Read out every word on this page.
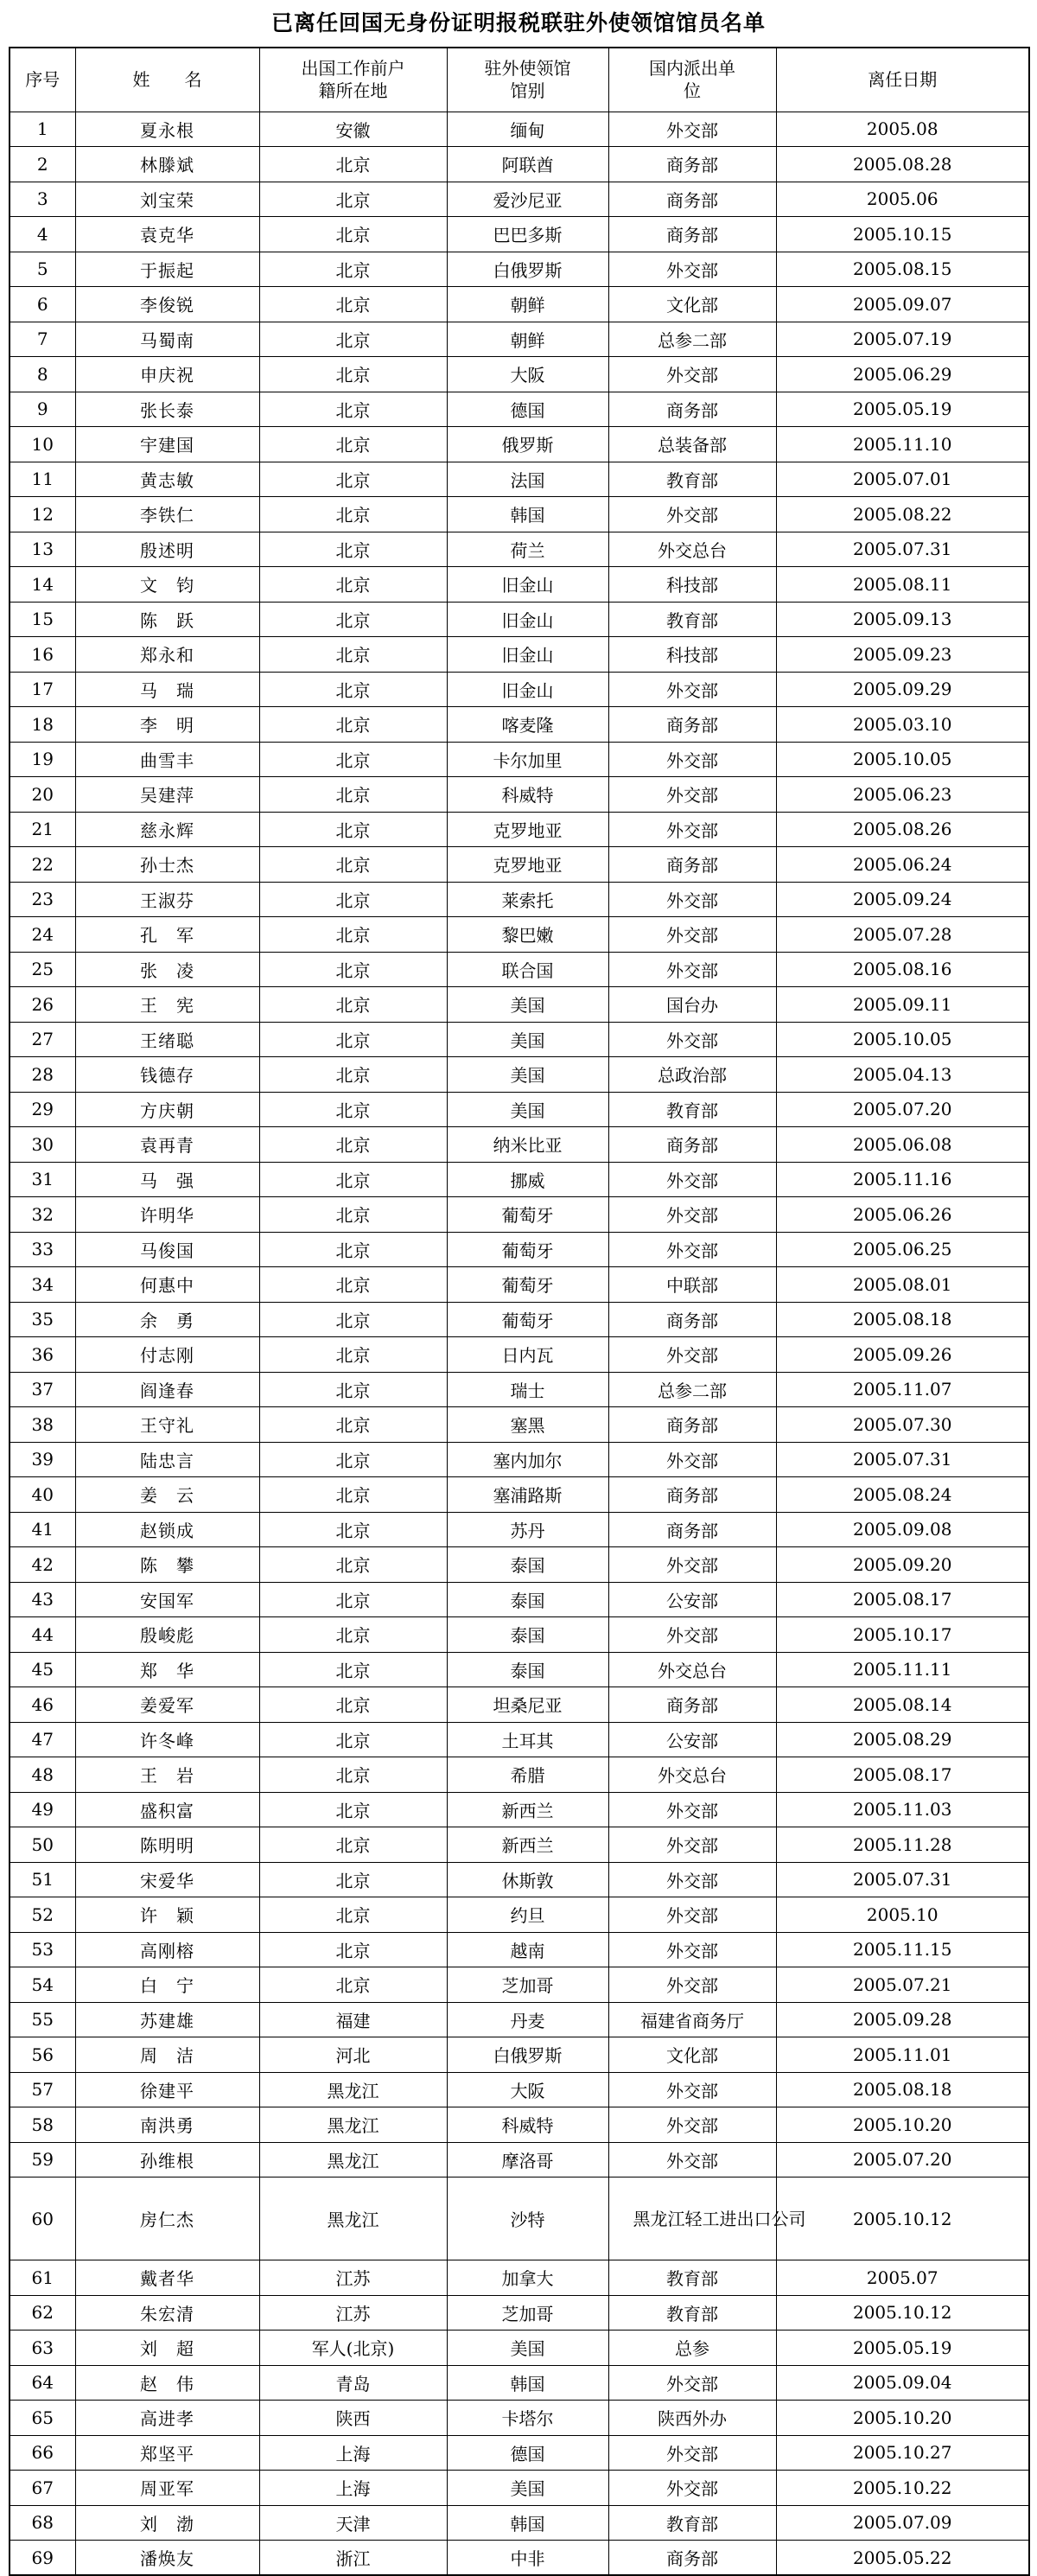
已离任回国无身份证明报税联驻外使领馆馆员名单
序号	姓　　名	出国工作前户籍所在地	驻外使领馆馆别	国内派出单位	离任日期
1	夏永根	安徽	缅甸	外交部	2005.08
2	林滕斌	北京	阿联酋	商务部	2005.08.28
3	刘宝荣	北京	爱沙尼亚	商务部	2005.06
4	袁克华	北京	巴巴多斯	商务部	2005.10.15
5	于振起	北京	白俄罗斯	外交部	2005.08.15
6	李俊锐	北京	朝鲜	文化部	2005.09.07
7	马蜀南	北京	朝鲜	总参二部	2005.07.19
8	申庆祝	北京	大阪	外交部	2005.06.29
9	张长泰	北京	德国	商务部	2005.05.19
10	宇建国	北京	俄罗斯	总装备部	2005.11.10
11	黄志敏	北京	法国	教育部	2005.07.01
12	李铁仁	北京	韩国	外交部	2005.08.22
13	殷述明	北京	荷兰	外交总台	2005.07.31
14	文　钧	北京	旧金山	科技部	2005.08.11
15	陈　跃	北京	旧金山	教育部	2005.09.13
16	郑永和	北京	旧金山	科技部	2005.09.23
17	马　瑞	北京	旧金山	外交部	2005.09.29
18	李　明	北京	喀麦隆	商务部	2005.03.10
19	曲雪丰	北京	卡尔加里	外交部	2005.10.05
20	吴建萍	北京	科威特	外交部	2005.06.23
21	慈永辉	北京	克罗地亚	外交部	2005.08.26
22	孙士杰	北京	克罗地亚	商务部	2005.06.24
23	王淑芬	北京	莱索托	外交部	2005.09.24
24	孔　军	北京	黎巴嫩	外交部	2005.07.28
25	张　凌	北京	联合国	外交部	2005.08.16
26	王　宪	北京	美国	国台办	2005.09.11
27	王绪聪	北京	美国	外交部	2005.10.05
28	钱德存	北京	美国	总政治部	2005.04.13
29	方庆朝	北京	美国	教育部	2005.07.20
30	袁再青	北京	纳米比亚	商务部	2005.06.08
31	马　强	北京	挪威	外交部	2005.11.16
32	许明华	北京	葡萄牙	外交部	2005.06.26
33	马俊国	北京	葡萄牙	外交部	2005.06.25
34	何惠中	北京	葡萄牙	中联部	2005.08.01
35	余　勇	北京	葡萄牙	商务部	2005.08.18
36	付志刚	北京	日内瓦	外交部	2005.09.26
37	阎逢春	北京	瑞士	总参二部	2005.11.07
38	王守礼	北京	塞黑	商务部	2005.07.30
39	陆忠言	北京	塞内加尔	外交部	2005.07.31
40	姜　云	北京	塞浦路斯	商务部	2005.08.24
41	赵锁成	北京	苏丹	商务部	2005.09.08
42	陈　攀	北京	泰国	外交部	2005.09.20
43	安国军	北京	泰国	公安部	2005.08.17
44	殷峻彪	北京	泰国	外交部	2005.10.17
45	郑　华	北京	泰国	外交总台	2005.11.11
46	姜爱军	北京	坦桑尼亚	商务部	2005.08.14
47	许冬峰	北京	土耳其	公安部	2005.08.29
48	王　岩	北京	希腊	外交总台	2005.08.17
49	盛积富	北京	新西兰	外交部	2005.11.03
50	陈明明	北京	新西兰	外交部	2005.11.28
51	宋爱华	北京	休斯敦	外交部	2005.07.31
52	许　颖	北京	约旦	外交部	2005.10
53	高刚榕	北京	越南	外交部	2005.11.15
54	白　宁	北京	芝加哥	外交部	2005.07.21
55	苏建雄	福建	丹麦	福建省商务厅	2005.09.28
56	周　洁	河北	白俄罗斯	文化部	2005.11.01
57	徐建平	黑龙江	大阪	外交部	2005.08.18
58	南洪勇	黑龙江	科威特	外交部	2005.10.20
59	孙维根	黑龙江	摩洛哥	外交部	2005.07.20
60	房仁杰	黑龙江	沙特	黑龙江轻工进出口公司	2005.10.12
61	戴者华	江苏	加拿大	教育部	2005.07
62	朱宏清	江苏	芝加哥	教育部	2005.10.12
63	刘　超	军人(北京)	美国	总参	2005.05.19
64	赵　伟	青岛	韩国	外交部	2005.09.04
65	高进孝	陕西	卡塔尔	陕西外办	2005.10.20
66	郑坚平	上海	德国	外交部	2005.10.27
67	周亚军	上海	美国	外交部	2005.10.22
68	刘　渤	天津	韩国	教育部	2005.07.09
69	潘焕友	浙江	中非	商务部	2005.05.22
